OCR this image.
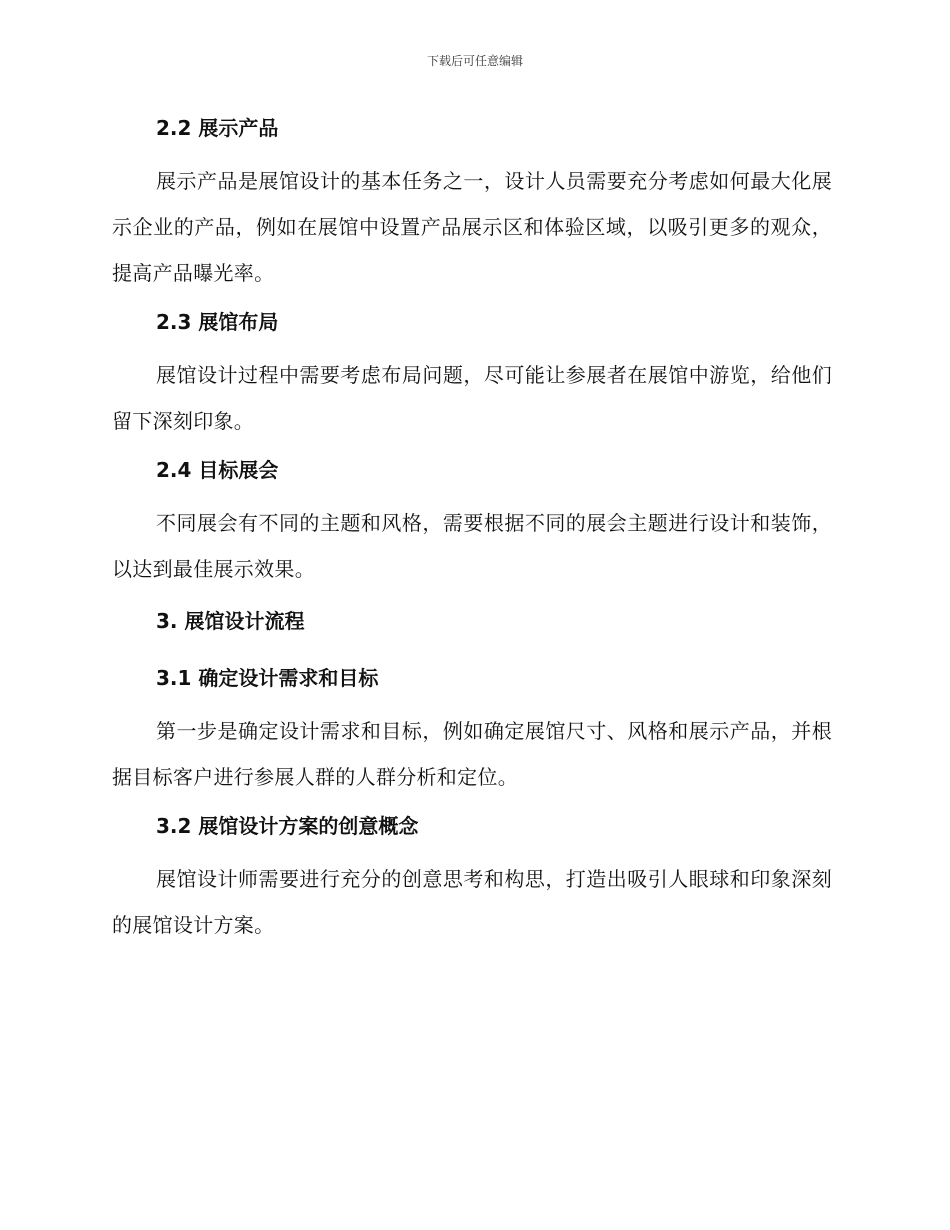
下载后可任意编辑
2.2 展示产品

展示产品是展馆设计的基本任务之一，设计人员需要充分考虑如何最大化展示企业的产品，例如在展馆中设置产品展示区和体验区域，以吸引更多的观众，提高产品曝光率。

2.3 展馆布局

展馆设计过程中需要考虑布局问题，尽可能让参展者在展馆中游览，给他们留下深刻印象。

2.4 目标展会

不同展会有不同的主题和风格，需要根据不同的展会主题进行设计和装饰，以达到最佳展示效果。

3. 展馆设计流程
3.1 确定设计需求和目标

第一步是确定设计需求和目标，例如确定展馆尺寸、风格和展示产品，并根据目标客户进行参展人群的人群分析和定位。

3.2 展馆设计方案的创意概念

展馆设计师需要进行充分的创意思考和构思，打造出吸引人眼球和印象深刻的展馆设计方案。
